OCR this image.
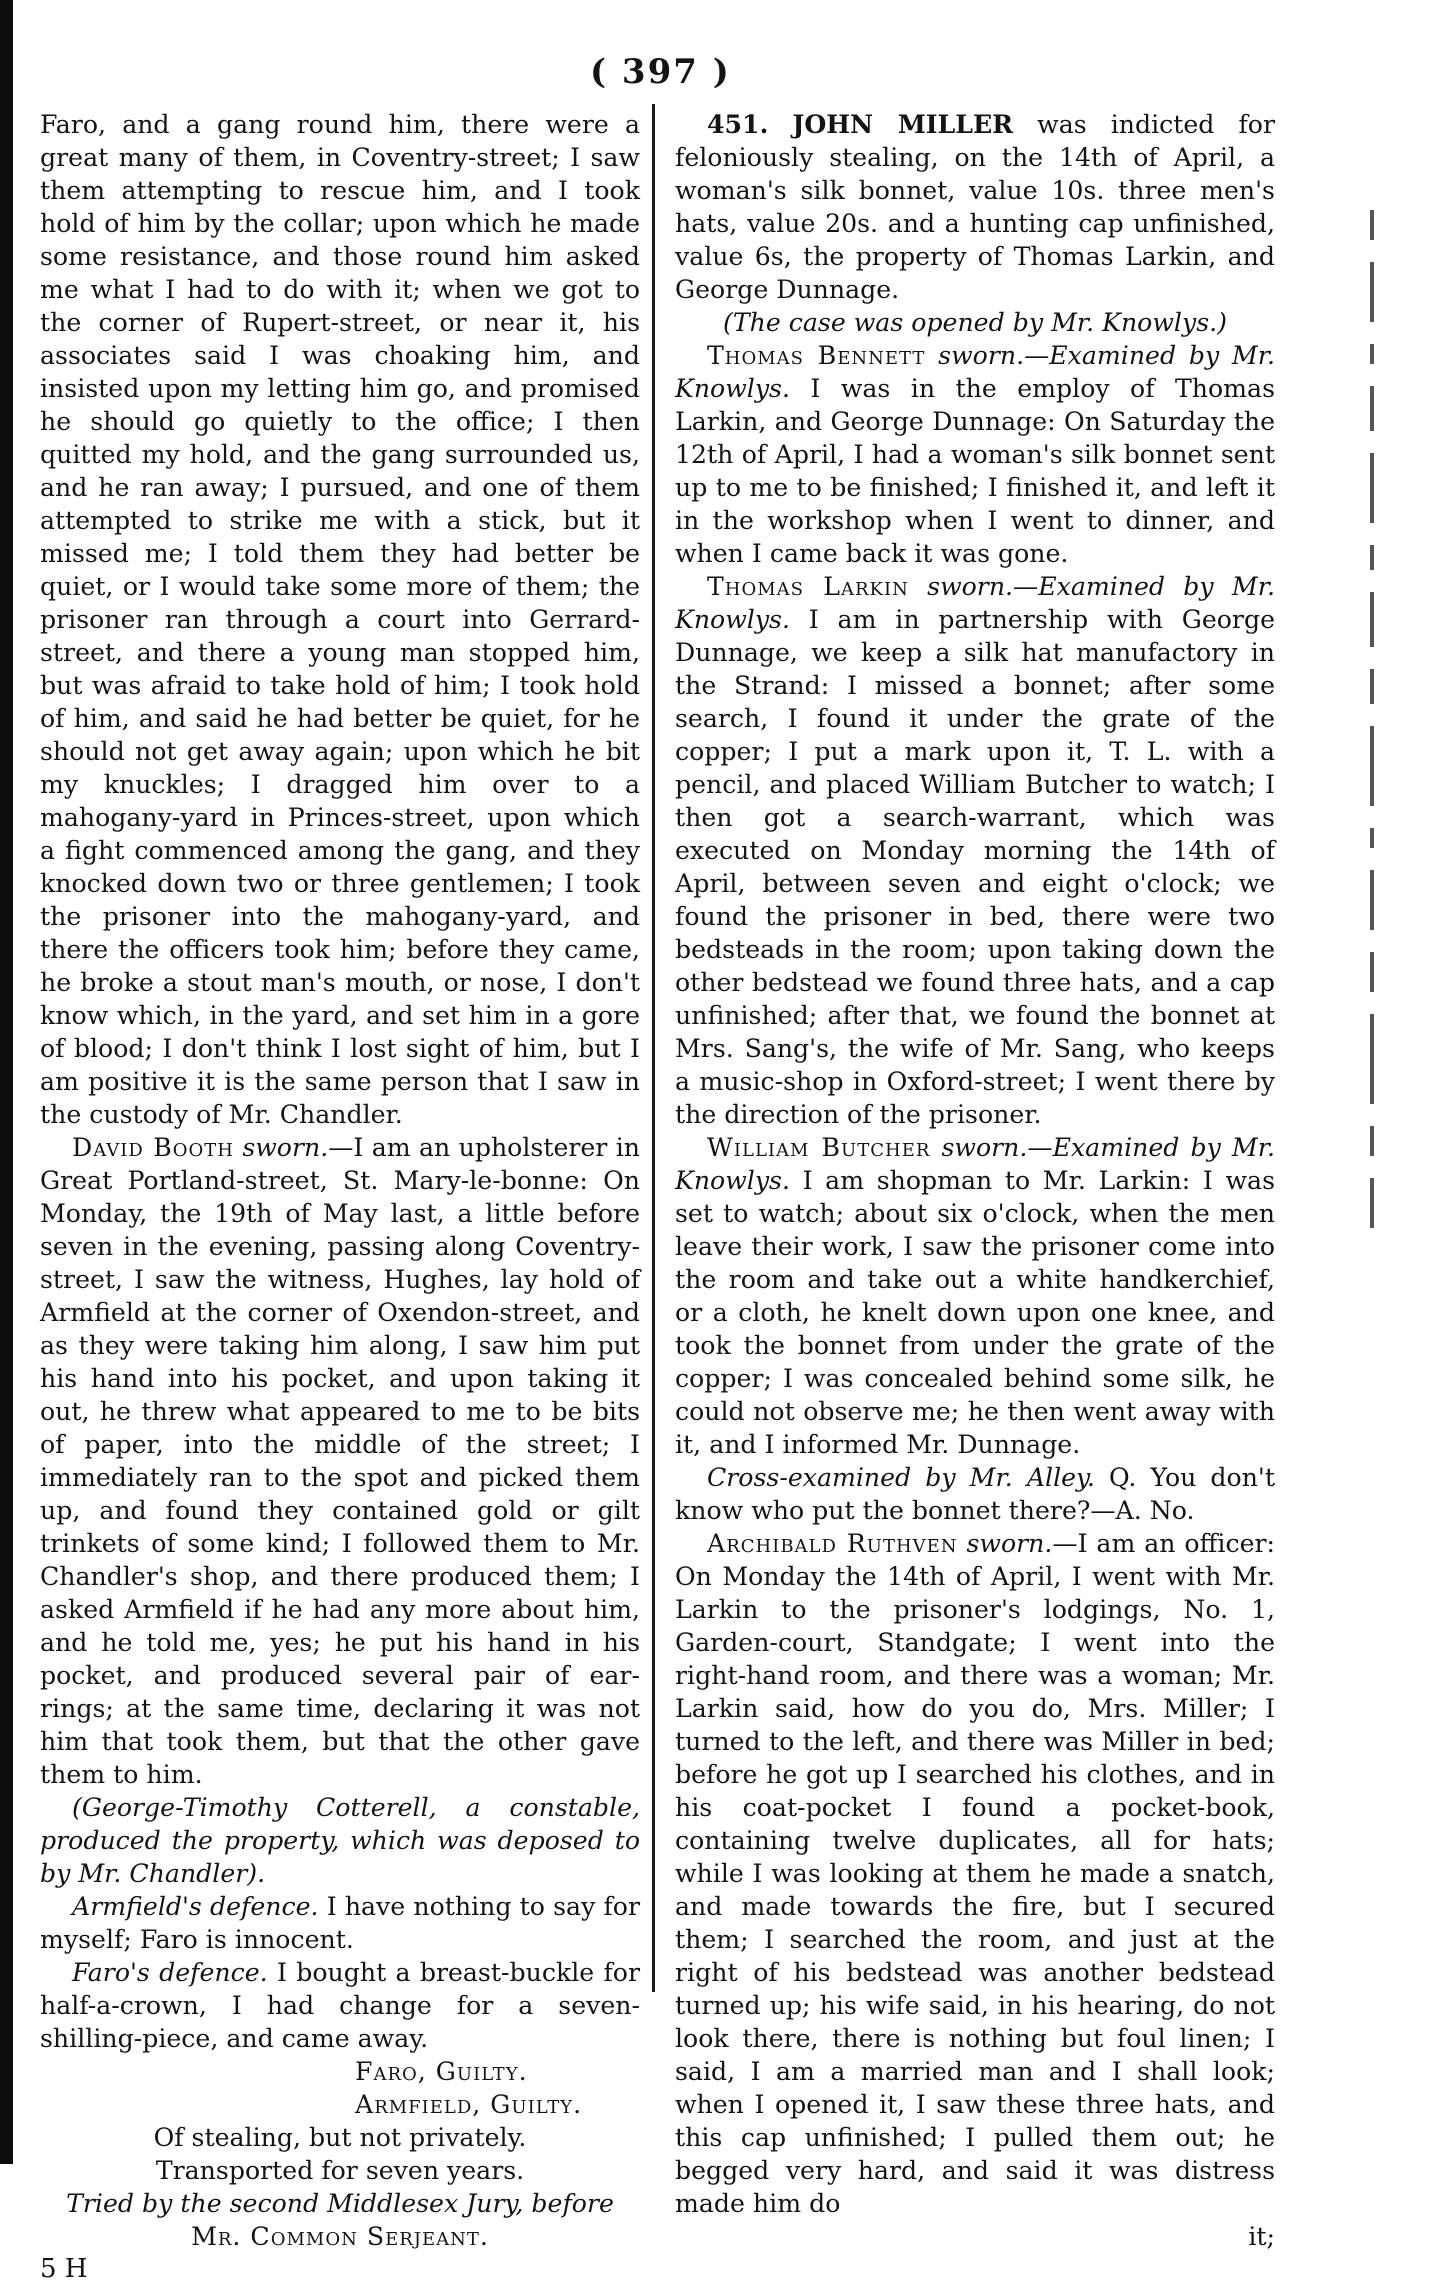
( 397 )

Faro, and a gang round him, there were a great many of them, in Coventry-street; I saw them attempting to rescue him, and I took hold of him by the collar; upon which he made some resistance, and those round him asked me what I had to do with it; when we got to the corner of Rupert-street, or near it, his associates said I was choaking him, and insisted upon my letting him go, and promised he should go quietly to the office; I then quitted my hold, and the gang surrounded us, and he ran away; I pursued, and one of them attempted to strike me with a stick, but it missed me; I told them they had better be quiet, or I would take some more of them; the prisoner ran through a court into Gerrard-street, and there a young man stopped him, but was afraid to take hold of him; I took hold of him, and said he had better be quiet, for he should not get away again; upon which he bit my knuckles; I dragged him over to a mahogany-yard in Princes-street, upon which a fight commenced among the gang, and they knocked down two or three gentlemen; I took the prisoner into the mahogany-yard, and there the officers took him; before they came, he broke a stout man's mouth, or nose, I don't know which, in the yard, and set him in a gore of blood; I don't think I lost sight of him, but I am positive it is the same person that I saw in the custody of Mr. Chandler.

David Booth sworn.—I am an upholsterer in Great Portland-street, St. Mary-le-bonne: On Monday, the 19th of May last, a little before seven in the evening, passing along Coventry-street, I saw the witness, Hughes, lay hold of Armfield at the corner of Oxendon-street, and as they were taking him along, I saw him put his hand into his pocket, and upon taking it out, he threw what appeared to me to be bits of paper, into the middle of the street; I immediately ran to the spot and picked them up, and found they contained gold or gilt trinkets of some kind; I followed them to Mr. Chandler's shop, and there produced them; I asked Armfield if he had any more about him, and he told me, yes; he put his hand in his pocket, and produced several pair of ear-rings; at the same time, declaring it was not him that took them, but that the other gave them to him.

(George-Timothy Cotterell, a constable, produced the property, which was deposed to by Mr. Chandler).

Armfield's defence. I have nothing to say for myself; Faro is innocent.

Faro's defence. I bought a breast-buckle for half-a-crown, I had change for a seven-shilling-piece, and came away.

Faro, Guilty.

Armfield, Guilty.

Of stealing, but not privately.

Transported for seven years.

Tried by the second Middlesex Jury, before

Mr. Common Serjeant.

5 H

451. JOHN MILLER was indicted for feloniously stealing, on the 14th of April, a woman's silk bonnet, value 10s. three men's hats, value 20s. and a hunting cap unfinished, value 6s, the property of Thomas Larkin, and George Dunnage.

(The case was opened by Mr. Knowlys.)

Thomas Bennett sworn.—Examined by Mr. Knowlys. I was in the employ of Thomas Larkin, and George Dunnage: On Saturday the 12th of April, I had a woman's silk bonnet sent up to me to be finished; I finished it, and left it in the workshop when I went to dinner, and when I came back it was gone.

Thomas Larkin sworn.—Examined by Mr. Knowlys. I am in partnership with George Dunnage, we keep a silk hat manufactory in the Strand: I missed a bonnet; after some search, I found it under the grate of the copper; I put a mark upon it, T. L. with a pencil, and placed William Butcher to watch; I then got a search-warrant, which was executed on Monday morning the 14th of April, between seven and eight o'clock; we found the prisoner in bed, there were two bedsteads in the room; upon taking down the other bedstead we found three hats, and a cap unfinished; after that, we found the bonnet at Mrs. Sang's, the wife of Mr. Sang, who keeps a music-shop in Oxford-street; I went there by the direction of the prisoner.

William Butcher sworn.—Examined by Mr. Knowlys. I am shopman to Mr. Larkin: I was set to watch; about six o'clock, when the men leave their work, I saw the prisoner come into the room and take out a white handkerchief, or a cloth, he knelt down upon one knee, and took the bonnet from under the grate of the copper; I was concealed behind some silk, he could not observe me; he then went away with it, and I informed Mr. Dunnage.

Cross-examined by Mr. Alley. Q. You don't know who put the bonnet there?—A. No.

Archibald Ruthven sworn.—I am an officer: On Monday the 14th of April, I went with Mr. Larkin to the prisoner's lodgings, No. 1, Garden-court, Standgate; I went into the right-hand room, and there was a woman; Mr. Larkin said, how do you do, Mrs. Miller; I turned to the left, and there was Miller in bed; before he got up I searched his clothes, and in his coat-pocket I found a pocket-book, containing twelve duplicates, all for hats; while I was looking at them he made a snatch, and made towards the fire, but I secured them; I searched the room, and just at the right of his bedstead was another bedstead turned up; his wife said, in his hearing, do not look there, there is nothing but foul linen; I said, I am a married man and I shall look; when I opened it, I saw these three hats, and this cap unfinished; I pulled them out; he begged very hard, and said it was distress made him do

it;
